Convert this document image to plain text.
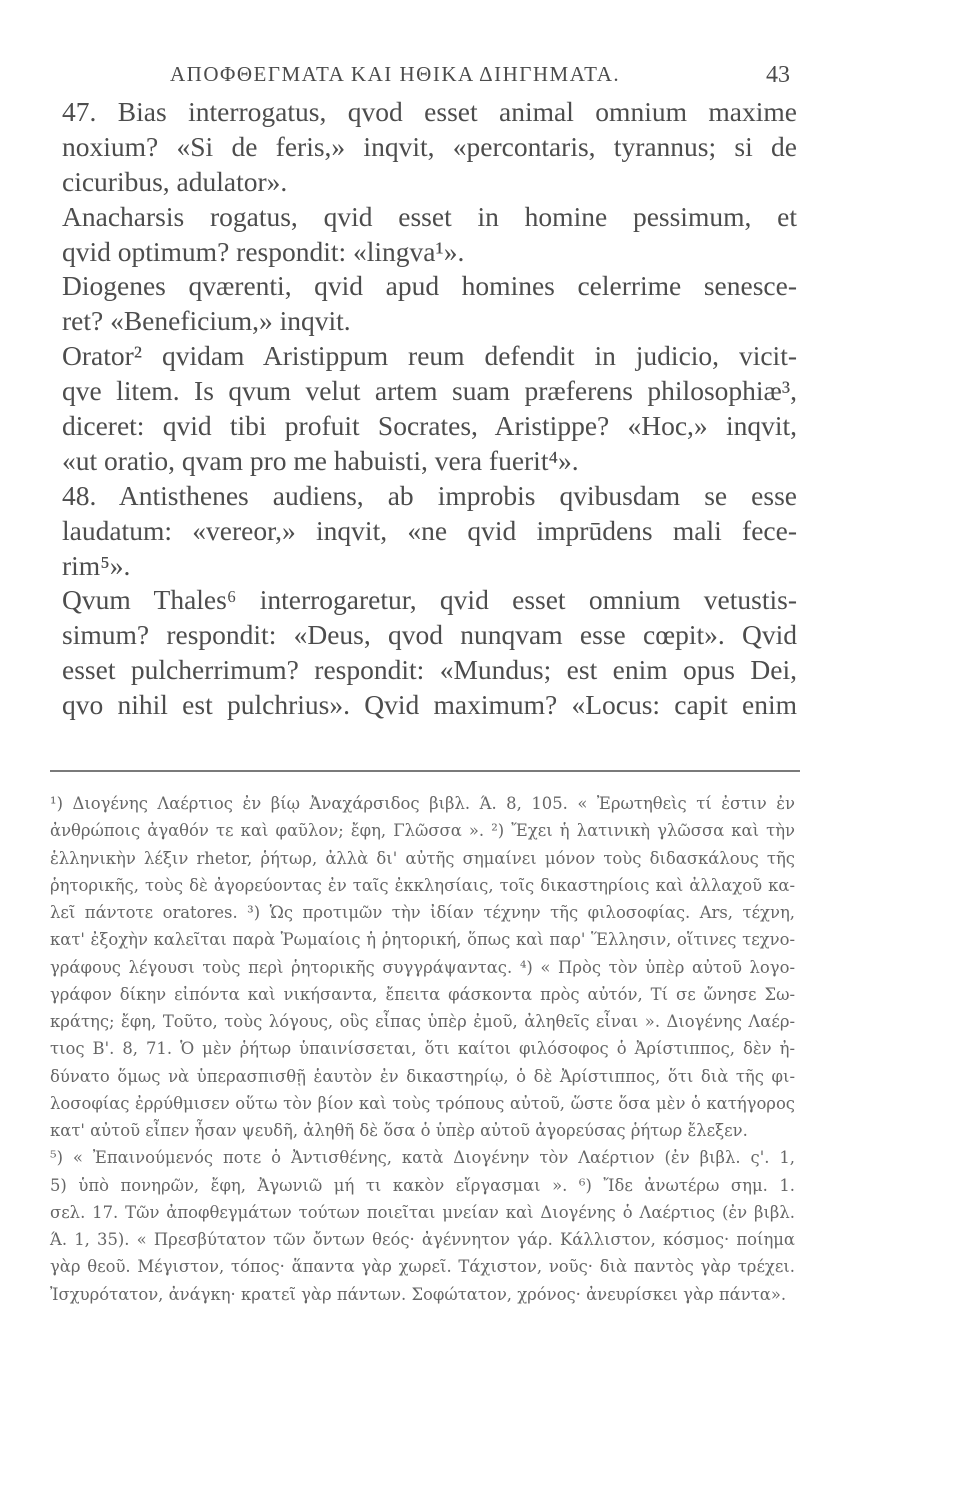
ΑΠΟΦΘΕΓΜΑΤΑ ΚΑΙ ΗΘΙΚΑ ΔΙΗΓΗΜΑΤΑ.	43
47. Bias interrogatus, qvod esset animal omnium maxime
noxium? «Si de feris,» inqvit, «percontaris, tyrannus; si de
cicuribus, adulator».
Anacharsis rogatus, qvid esset in homine pessimum, et
qvid optimum? respondit: «lingva¹».
Diogenes qværenti, qvid apud homines celerrime senesce-
ret? «Beneficium,» inqvit.
Orator² qvidam Aristippum reum defendit in judicio, vicit-
qve litem. Is qvum velut artem suam præferens philosophiæ³,
diceret: qvid tibi profuit Socrates, Aristippe? «Hoc,» inqvit,
«ut oratio, qvam pro me habuisti, vera fuerit⁴».
48. Antisthenes audiens, ab improbis qvibusdam se esse
laudatum: «vereor,» inqvit, «ne qvid imprūdens mali fece-
rim⁵».
Qvum Thales⁶ interrogaretur, qvid esset omnium vetustis-
simum? respondit: «Deus, qvod nunqvam esse cœpit». Qvid
esset pulcherrimum? respondit: «Mundus; est enim opus Dei,
qvo nihil est pulchrius». Qvid maximum? «Locus: capit enim
¹) Διογένης Λαέρτιος ἐν βίῳ Ἀναχάρσιδος βιβλ. Ά. 8, 105. « Ἐρωτηθεὶς τί ἐστιν ἐν
ἀνθρώποις ἀγαθόν τε καὶ φαῦλον; ἔφη, Γλῶσσα ». ²) Ἔχει ἡ λατινικὴ γλῶσσα καὶ τὴν
ἑλληνικὴν λέξιν rhetor, ῥήτωρ, ἀλλὰ δι' αὐτῆς σημαίνει μόνον τοὺς διδασκάλους τῆς
ῥητορικῆς, τοὺς δὲ ἀγορεύοντας ἐν ταῖς ἐκκλησίαις, τοῖς δικαστηρίοις καὶ ἀλλαχοῦ κα-
λεῖ πάντοτε oratores. ³) Ὡς προτιμῶν τὴν ἰδίαν τέχνην τῆς φιλοσοφίας. Ars, τέχνη,
κατ' ἐξοχὴν καλεῖται παρὰ Ῥωμαίοις ἡ ῥητορική, ὅπως καὶ παρ' Ἕλλησιν, οἵτινες τεχνο-
γράφους λέγουσι τοὺς περὶ ῥητορικῆς συγγράψαντας. ⁴) « Πρὸς τὸν ὑπὲρ αὐτοῦ λογο-
γράφον δίκην εἰπόντα καὶ νικήσαντα, ἔπειτα φάσκοντα πρὸς αὐτόν, Τί σε ὤνησε Σω-
κράτης; ἔφη, Τοῦτο, τοὺς λόγους, οὓς εἶπας ὑπὲρ ἐμοῦ, ἀληθεῖς εἶναι ». Διογένης Λαέρ-
τιος Β'. 8, 71. Ὁ μὲν ῥήτωρ ὑπαινίσσεται, ὅτι καίτοι φιλόσοφος ὁ Ἀρίστιππος, δὲν ἠ-
δύνατο ὅμως νὰ ὑπερασπισθῇ ἑαυτὸν ἐν δικαστηρίῳ, ὁ δὲ Ἀρίστιππος, ὅτι διὰ τῆς φι-
λοσοφίας ἐρρύθμισεν οὕτω τὸν βίον καὶ τοὺς τρόπους αὐτοῦ, ὥστε ὅσα μὲν ὁ κατήγορος
κατ' αὐτοῦ εἶπεν ἦσαν ψευδῆ, ἀληθῆ δὲ ὅσα ὁ ὑπὲρ αὐτοῦ ἀγορεύσας ῥήτωρ ἔλεξεν.
⁵) « Ἐπαινούμενός ποτε ὁ Ἀντισθένης, κατὰ Διογένην τὸν Λαέρτιον (ἐν βιβλ. ς'. 1,
5) ὑπὸ πονηρῶν, ἔφη, Ἀγωνιῶ μή τι κακὸν εἴργασμαι ». ⁶) Ἴδε ἀνωτέρω σημ. 1.
σελ. 17. Τῶν ἀποφθεγμάτων τούτων ποιεῖται μνείαν καὶ Διογένης ὁ Λαέρτιος (ἐν βιβλ.
Ά. 1, 35). « Πρεσβύτατον τῶν ὄντων θεός· ἀγέννητον γάρ. Κάλλιστον, κόσμος· ποίημα
γὰρ θεοῦ. Μέγιστον, τόπος· ἅπαντα γὰρ χωρεῖ. Τάχιστον, νοῦς· διὰ παντὸς γὰρ τρέχει.
Ἰσχυρότατον, ἀνάγκη· κρατεῖ γὰρ πάντων. Σοφώτατον, χρόνος· ἀνευρίσκει γὰρ πάντα».
